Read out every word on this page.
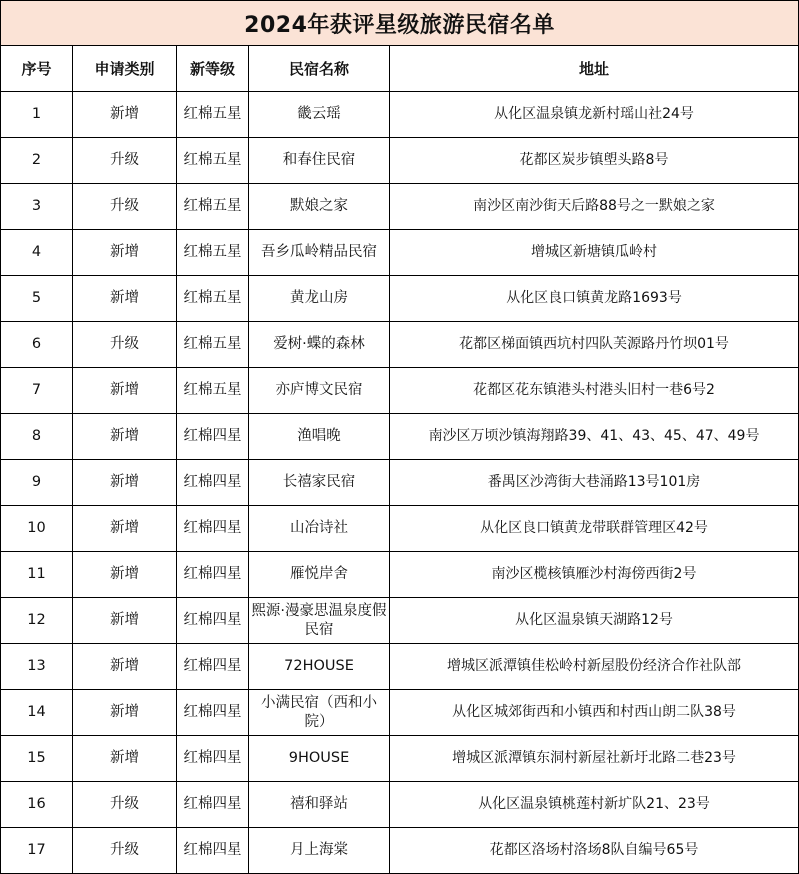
2024年获评星级旅游民宿名单				
序号	申请类别	新等级	民宿名称	地址
1	新增	红棉五星	畿云瑶	从化区温泉镇龙新村瑶山社24号
2	升级	红棉五星	和春住民宿	花都区炭步镇塱头路8号
3	升级	红棉五星	默娘之家	南沙区南沙街天后路88号之一默娘之家
4	新增	红棉五星	吾乡瓜岭精品民宿	增城区新塘镇瓜岭村
5	新增	红棉五星	黄龙山房	从化区良口镇黄龙路1693号
6	升级	红棉五星	爱树·蝶的森林	花都区梯面镇西坑村四队芙源路丹竹坝01号
7	新增	红棉五星	亦庐博文民宿	花都区花东镇港头村港头旧村一巷6号2
8	新增	红棉四星	渔唱晚	南沙区万顷沙镇海翔路39、41、43、45、47、49号
9	新增	红棉四星	长禧家民宿	番禺区沙湾街大巷涌路13号101房
10	新增	红棉四星	山冶诗社	从化区良口镇黄龙带联群管理区42号
11	新增	红棉四星	雁悦岸舍	南沙区榄核镇雁沙村海傍西街2号
12	新增	红棉四星	熙源·漫豪思温泉度假民宿	从化区温泉镇天湖路12号
13	新增	红棉四星	72HOUSE	增城区派潭镇佳松岭村新屋股份经济合作社队部
14	新增	红棉四星	小满民宿（西和小院）	从化区城郊街西和小镇西和村西山朗二队38号
15	新增	红棉四星	9HOUSE	增城区派潭镇东洞村新屋社新圩北路二巷23号
16	升级	红棉四星	禧和驿站	从化区温泉镇桃莲村新圹队21、23号
17	升级	红棉四星	月上海棠	花都区洛场村洛场8队自编号65号
